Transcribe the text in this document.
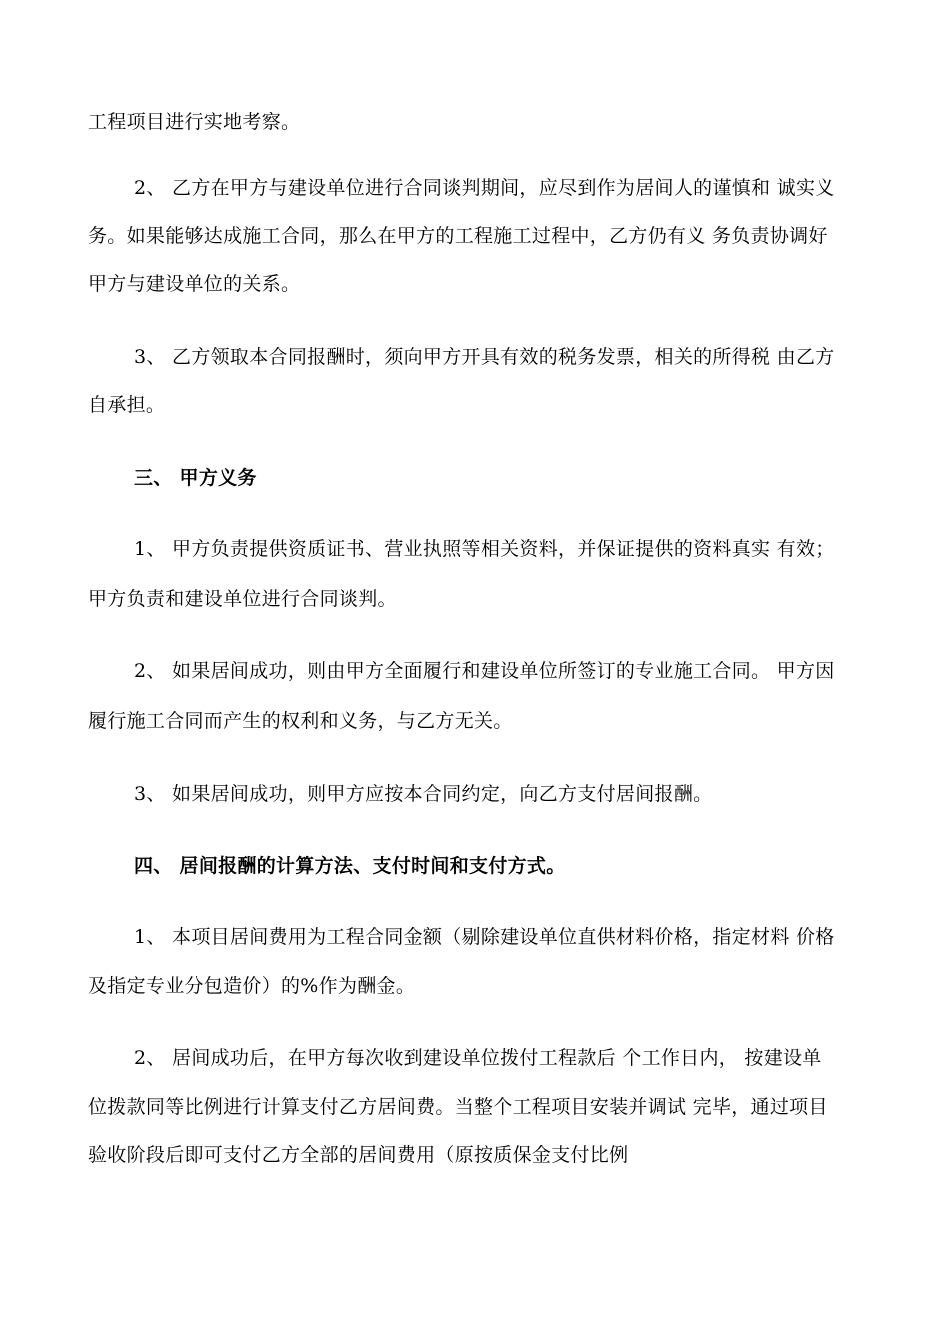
工程项目进行实地考察。
2、 乙方在甲方与建设单位进行合同谈判期间，应尽到作为居间人的谨慎和 诚实义
务。如果能够达成施工合同，那么在甲方的工程施工过程中，乙方仍有义 务负责协调好
甲方与建设单位的关系。
3、 乙方领取本合同报酬时，须向甲方开具有效的税务发票，相关的所得税 由乙方
自承担。
三、 甲方义务
1、 甲方负责提供资质证书、营业执照等相关资料，并保证提供的资料真实 有效；
甲方负责和建设单位进行合同谈判。
2、 如果居间成功，则由甲方全面履行和建设单位所签订的专业施工合同。 甲方因
履行施工合同而产生的权利和义务，与乙方无关。
3、 如果居间成功，则甲方应按本合同约定，向乙方支付居间报酬。
四、 居间报酬的计算方法、支付时间和支付方式。
1、 本项目居间费用为工程合同金额（剔除建设单位直供材料价格，指定材料 价格
及指定专业分包造价）的%作为酬金。
2、 居间成功后，在甲方每次收到建设单位拨付工程款后 个工作日内， 按建设单
位拨款同等比例进行计算支付乙方居间费。当整个工程项目安装并调试 完毕，通过项目
验收阶段后即可支付乙方全部的居间费用（原按质保金支付比例
